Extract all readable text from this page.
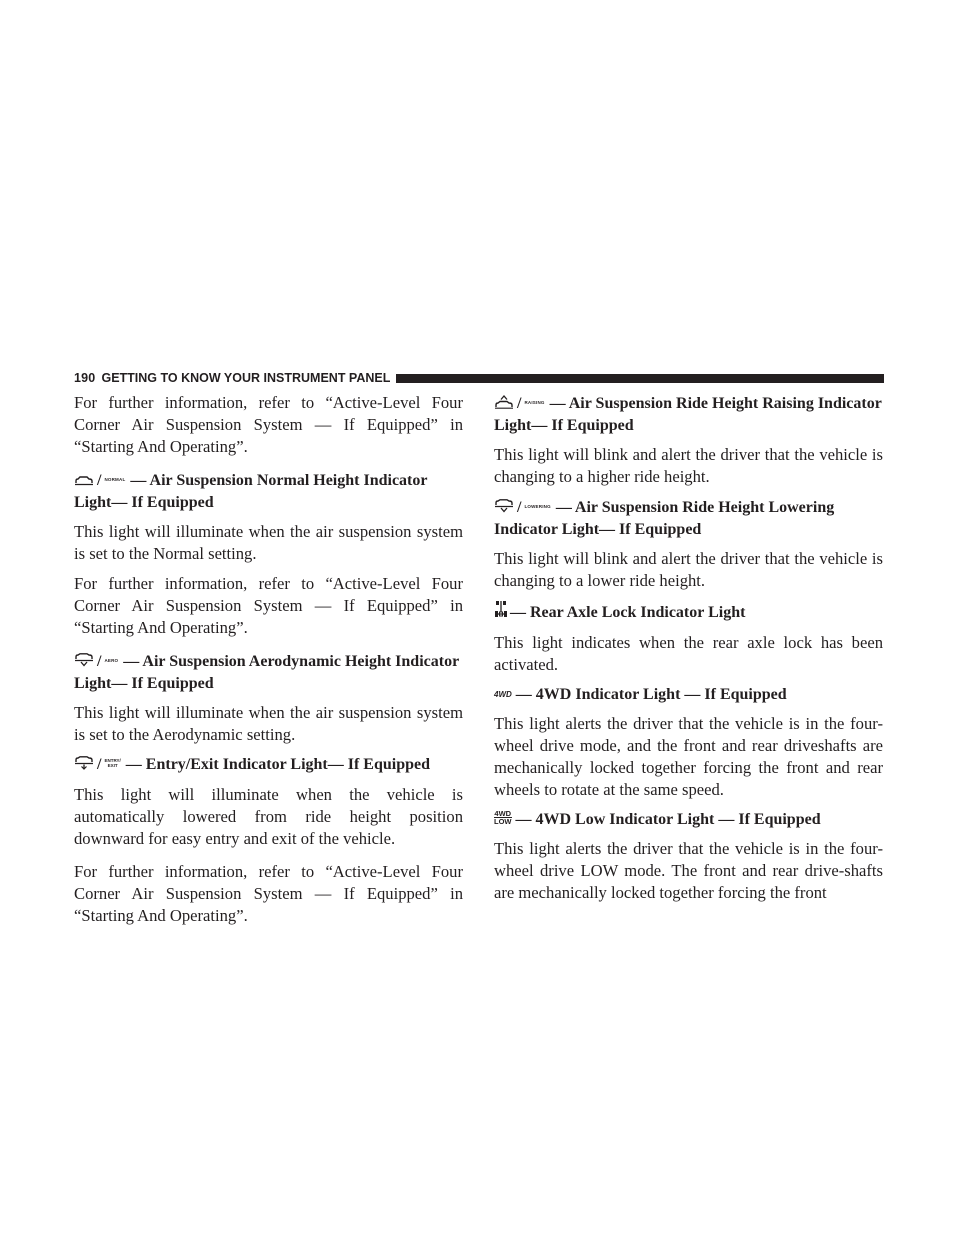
190 GETTING TO KNOW YOUR INSTRUMENT PANEL

For further information, refer to “Active-Level Four Corner Air Suspension System — If Equipped” in “Starting And Operating”.

/ NORMAL — Air Suspension Normal Height Indicator Light— If Equipped

This light will illuminate when the air suspension system is set to the Normal setting.

For further information, refer to “Active-Level Four Corner Air Suspension System — If Equipped” in “Starting And Operating”.

/ AERO — Air Suspension Aerodynamic Height Indicator Light— If Equipped

This light will illuminate when the air suspension system is set to the Aerodynamic setting.

/ ENTRY/
EXIT — Entry/Exit Indicator Light— If Equipped

This light will illuminate when the vehicle is automatically lowered from ride height position downward for easy entry and exit of the vehicle.

For further information, refer to “Active-Level Four Corner Air Suspension System — If Equipped” in “Starting And Operating”.

/ RAISING — Air Suspension Ride Height Raising Indicator Light— If Equipped

This light will blink and alert the driver that the vehicle is changing to a higher ride height.

/ LOWERING — Air Suspension Ride Height Lowering Indicator Light— If Equipped

This light will blink and alert the driver that the vehicle is changing to a lower ride height.

— Rear Axle Lock Indicator Light

This light indicates when the rear axle lock has been activated.

4WD — 4WD Indicator Light — If Equipped

This light alerts the driver that the vehicle is in the four-wheel drive mode, and the front and rear driveshafts are mechanically locked together forcing the front and rear wheels to rotate at the same speed.

4WD
LOW — 4WD Low Indicator Light — If Equipped

This light alerts the driver that the vehicle is in the four-wheel drive LOW mode. The front and rear drive-shafts are mechanically locked together forcing the front
